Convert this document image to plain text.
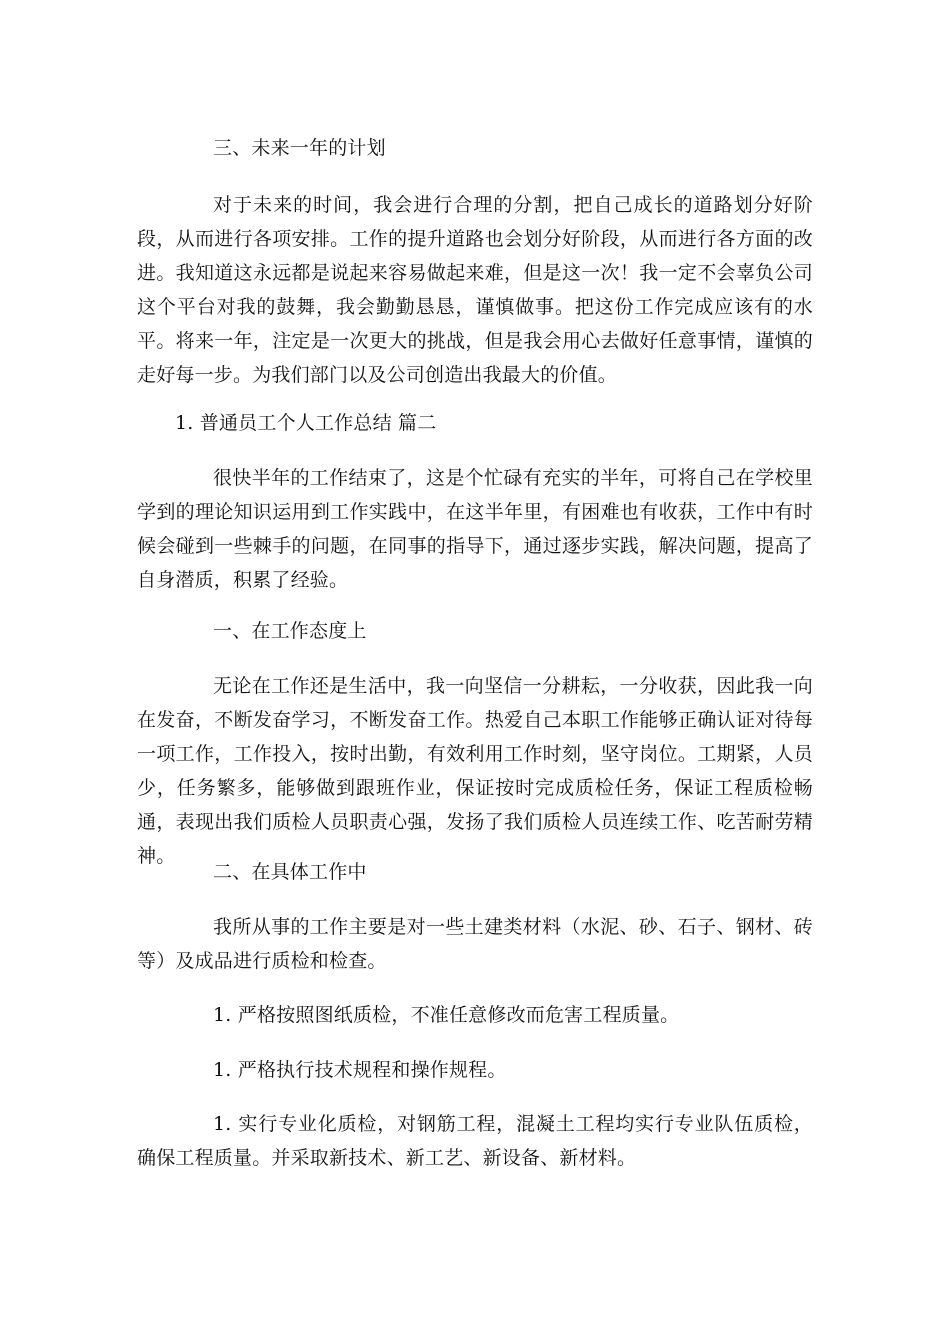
三、未来一年的计划

对于未来的时间，我会进行合理的分割，把自己成长的道路划分好阶段，从而进行各项安排。工作的提升道路也会划分好阶段，从而进行各方面的改进。我知道这永远都是说起来容易做起来难，但是这一次！我一定不会辜负公司这个平台对我的鼓舞，我会勤勤恳恳，谨慎做事。把这份工作完成应该有的水平。将来一年，注定是一次更大的挑战，但是我会用心去做好任意事情，谨慎的走好每一步。为我们部门以及公司创造出我最大的价值。

1. 普通员工个人工作总结 篇二

很快半年的工作结束了，这是个忙碌有充实的半年，可将自己在学校里学到的理论知识运用到工作实践中，在这半年里，有困难也有收获，工作中有时候会碰到一些棘手的问题，在同事的指导下，通过逐步实践，解决问题，提高了自身潜质，积累了经验。

一、在工作态度上

无论在工作还是生活中，我一向坚信一分耕耘，一分收获，因此我一向在发奋，不断发奋学习，不断发奋工作。热爱自己本职工作能够正确认证对待每一项工作，工作投入，按时出勤，有效利用工作时刻，坚守岗位。工期紧，人员少，任务繁多，能够做到跟班作业，保证按时完成质检任务，保证工程质检畅通，表现出我们质检人员职责心强，发扬了我们质检人员连续工作、吃苦耐劳精神。

二、在具体工作中

我所从事的工作主要是对一些土建类材料（水泥、砂、石子、钢材、砖等）及成品进行质检和检查。

1. 严格按照图纸质检，不准任意修改而危害工程质量。

1. 严格执行技术规程和操作规程。

1. 实行专业化质检，对钢筋工程，混凝土工程均实行专业队伍质检，确保工程质量。并采取新技术、新工艺、新设备、新材料。
